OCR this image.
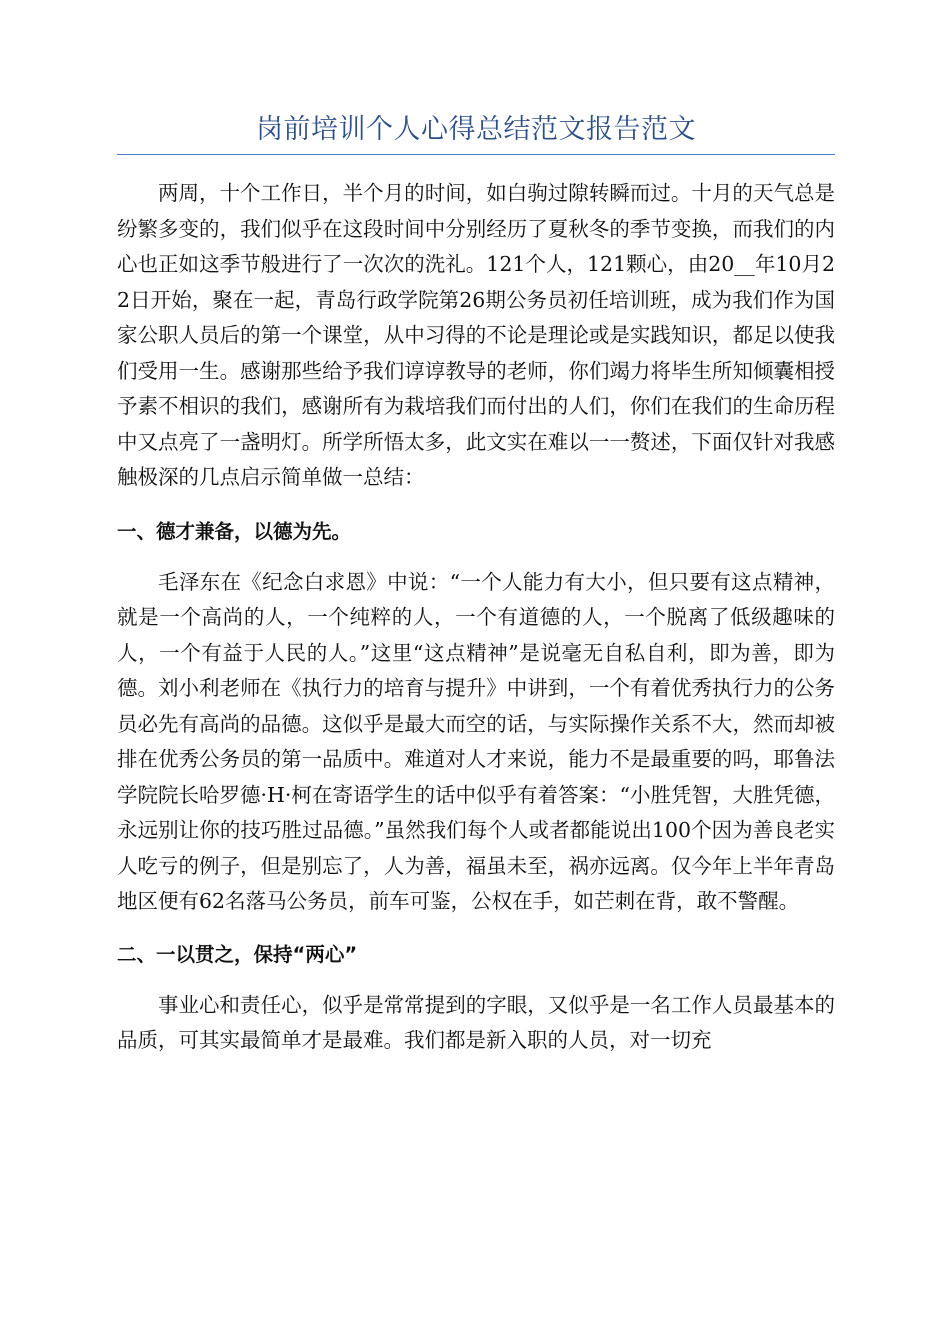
岗前培训个人心得总结范文报告范文

两周，十个工作日，半个月的时间，如白驹过隙转瞬而过。十月的天气总是纷繁多变的，我们似乎在这段时间中分别经历了夏秋冬的季节变换，而我们的内心也正如这季节般进行了一次次的洗礼。121个人，121颗心，由20__年10月22日开始，聚在一起，青岛行政学院第26期公务员初任培训班，成为我们作为国家公职人员后的第一个课堂，从中习得的不论是理论或是实践知识，都足以使我们受用一生。感谢那些给予我们谆谆教导的老师，你们竭力将毕生所知倾囊相授予素不相识的我们，感谢所有为栽培我们而付出的人们，你们在我们的生命历程中又点亮了一盏明灯。所学所悟太多，此文实在难以一一赘述，下面仅针对我感触极深的几点启示简单做一总结：

一、德才兼备，以德为先。

毛泽东在《纪念白求恩》中说：“一个人能力有大小，但只要有这点精神，就是一个高尚的人，一个纯粹的人，一个有道德的人，一个脱离了低级趣味的人，一个有益于人民的人。”这里“这点精神”是说毫无自私自利，即为善，即为德。刘小利老师在《执行力的培育与提升》中讲到，一个有着优秀执行力的公务员必先有高尚的品德。这似乎是最大而空的话，与实际操作关系不大，然而却被排在优秀公务员的第一品质中。难道对人才来说，能力不是最重要的吗，耶鲁法学院院长哈罗德·H·柯在寄语学生的话中似乎有着答案：“小胜凭智，大胜凭德，永远别让你的技巧胜过品德。”虽然我们每个人或者都能说出100个因为善良老实人吃亏的例子，但是别忘了，人为善，福虽未至，祸亦远离。仅今年上半年青岛地区便有62名落马公务员，前车可鉴，公权在手，如芒刺在背，敢不警醒。

二、一以贯之，保持“两心”

事业心和责任心，似乎是常常提到的字眼，又似乎是一名工作人员最基本的品质，可其实最简单才是最难。我们都是新入职的人员，对一切充
